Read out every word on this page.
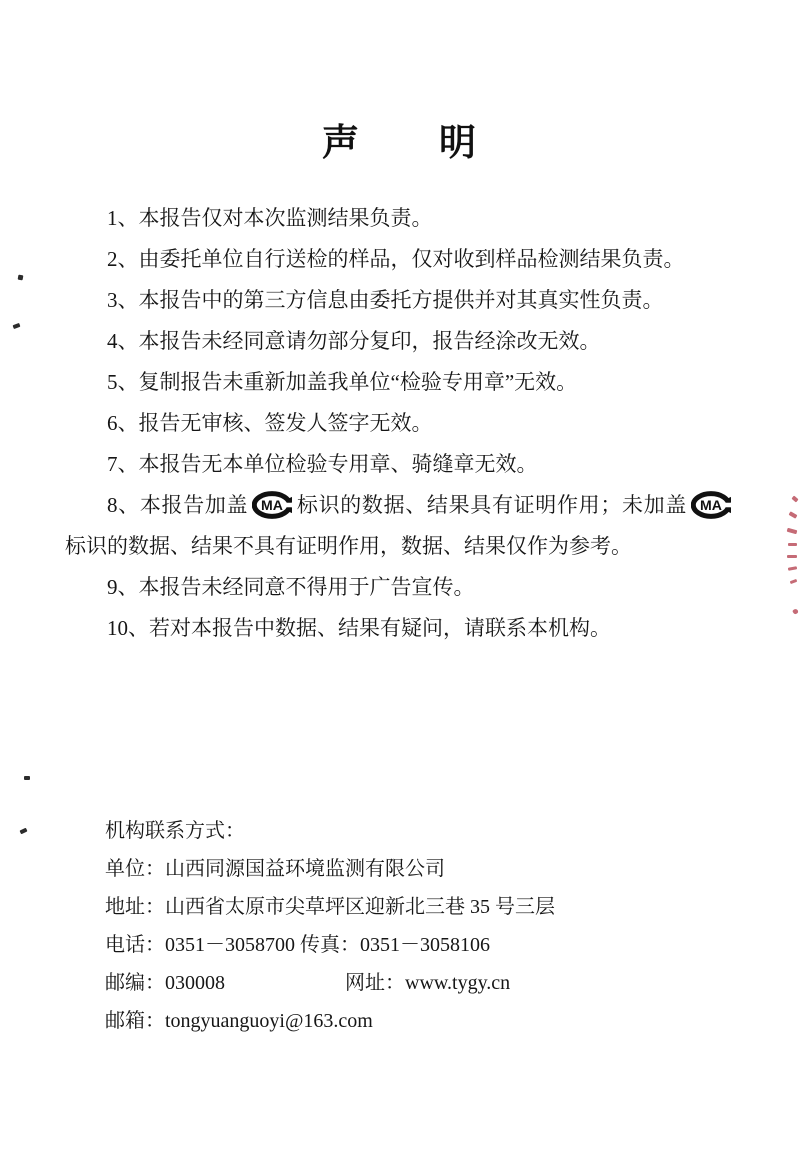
声　　明

1、本报告仅对本次监测结果负责。

2、由委托单位自行送检的样品，仅对收到样品检测结果负责。

3、本报告中的第三方信息由委托方提供并对其真实性负责。

4、本报告未经同意请勿部分复印，报告经涂改无效。

5、复制报告未重新加盖我单位“检验专用章”无效。

6、报告无审核、签发人签字无效。

7、本报告无本单位检验专用章、骑缝章无效。

8、本报告加盖 MA 标识的数据、结果具有证明作用；未加盖 MA
标识的数据、结果不具有证明作用，数据、结果仅作为参考。

9、本报告未经同意不得用于广告宣传。

10、若对本报告中数据、结果有疑问，请联系本机构。

机构联系方式：
单位：山西同源国益环境监测有限公司
地址：山西省太原市尖草坪区迎新北三巷 35 号三层
电话：0351－3058700 传真：0351－3058106
邮编：030008	网址：www.tygy.cn
邮箱：tongyuanguoyi@163.com
